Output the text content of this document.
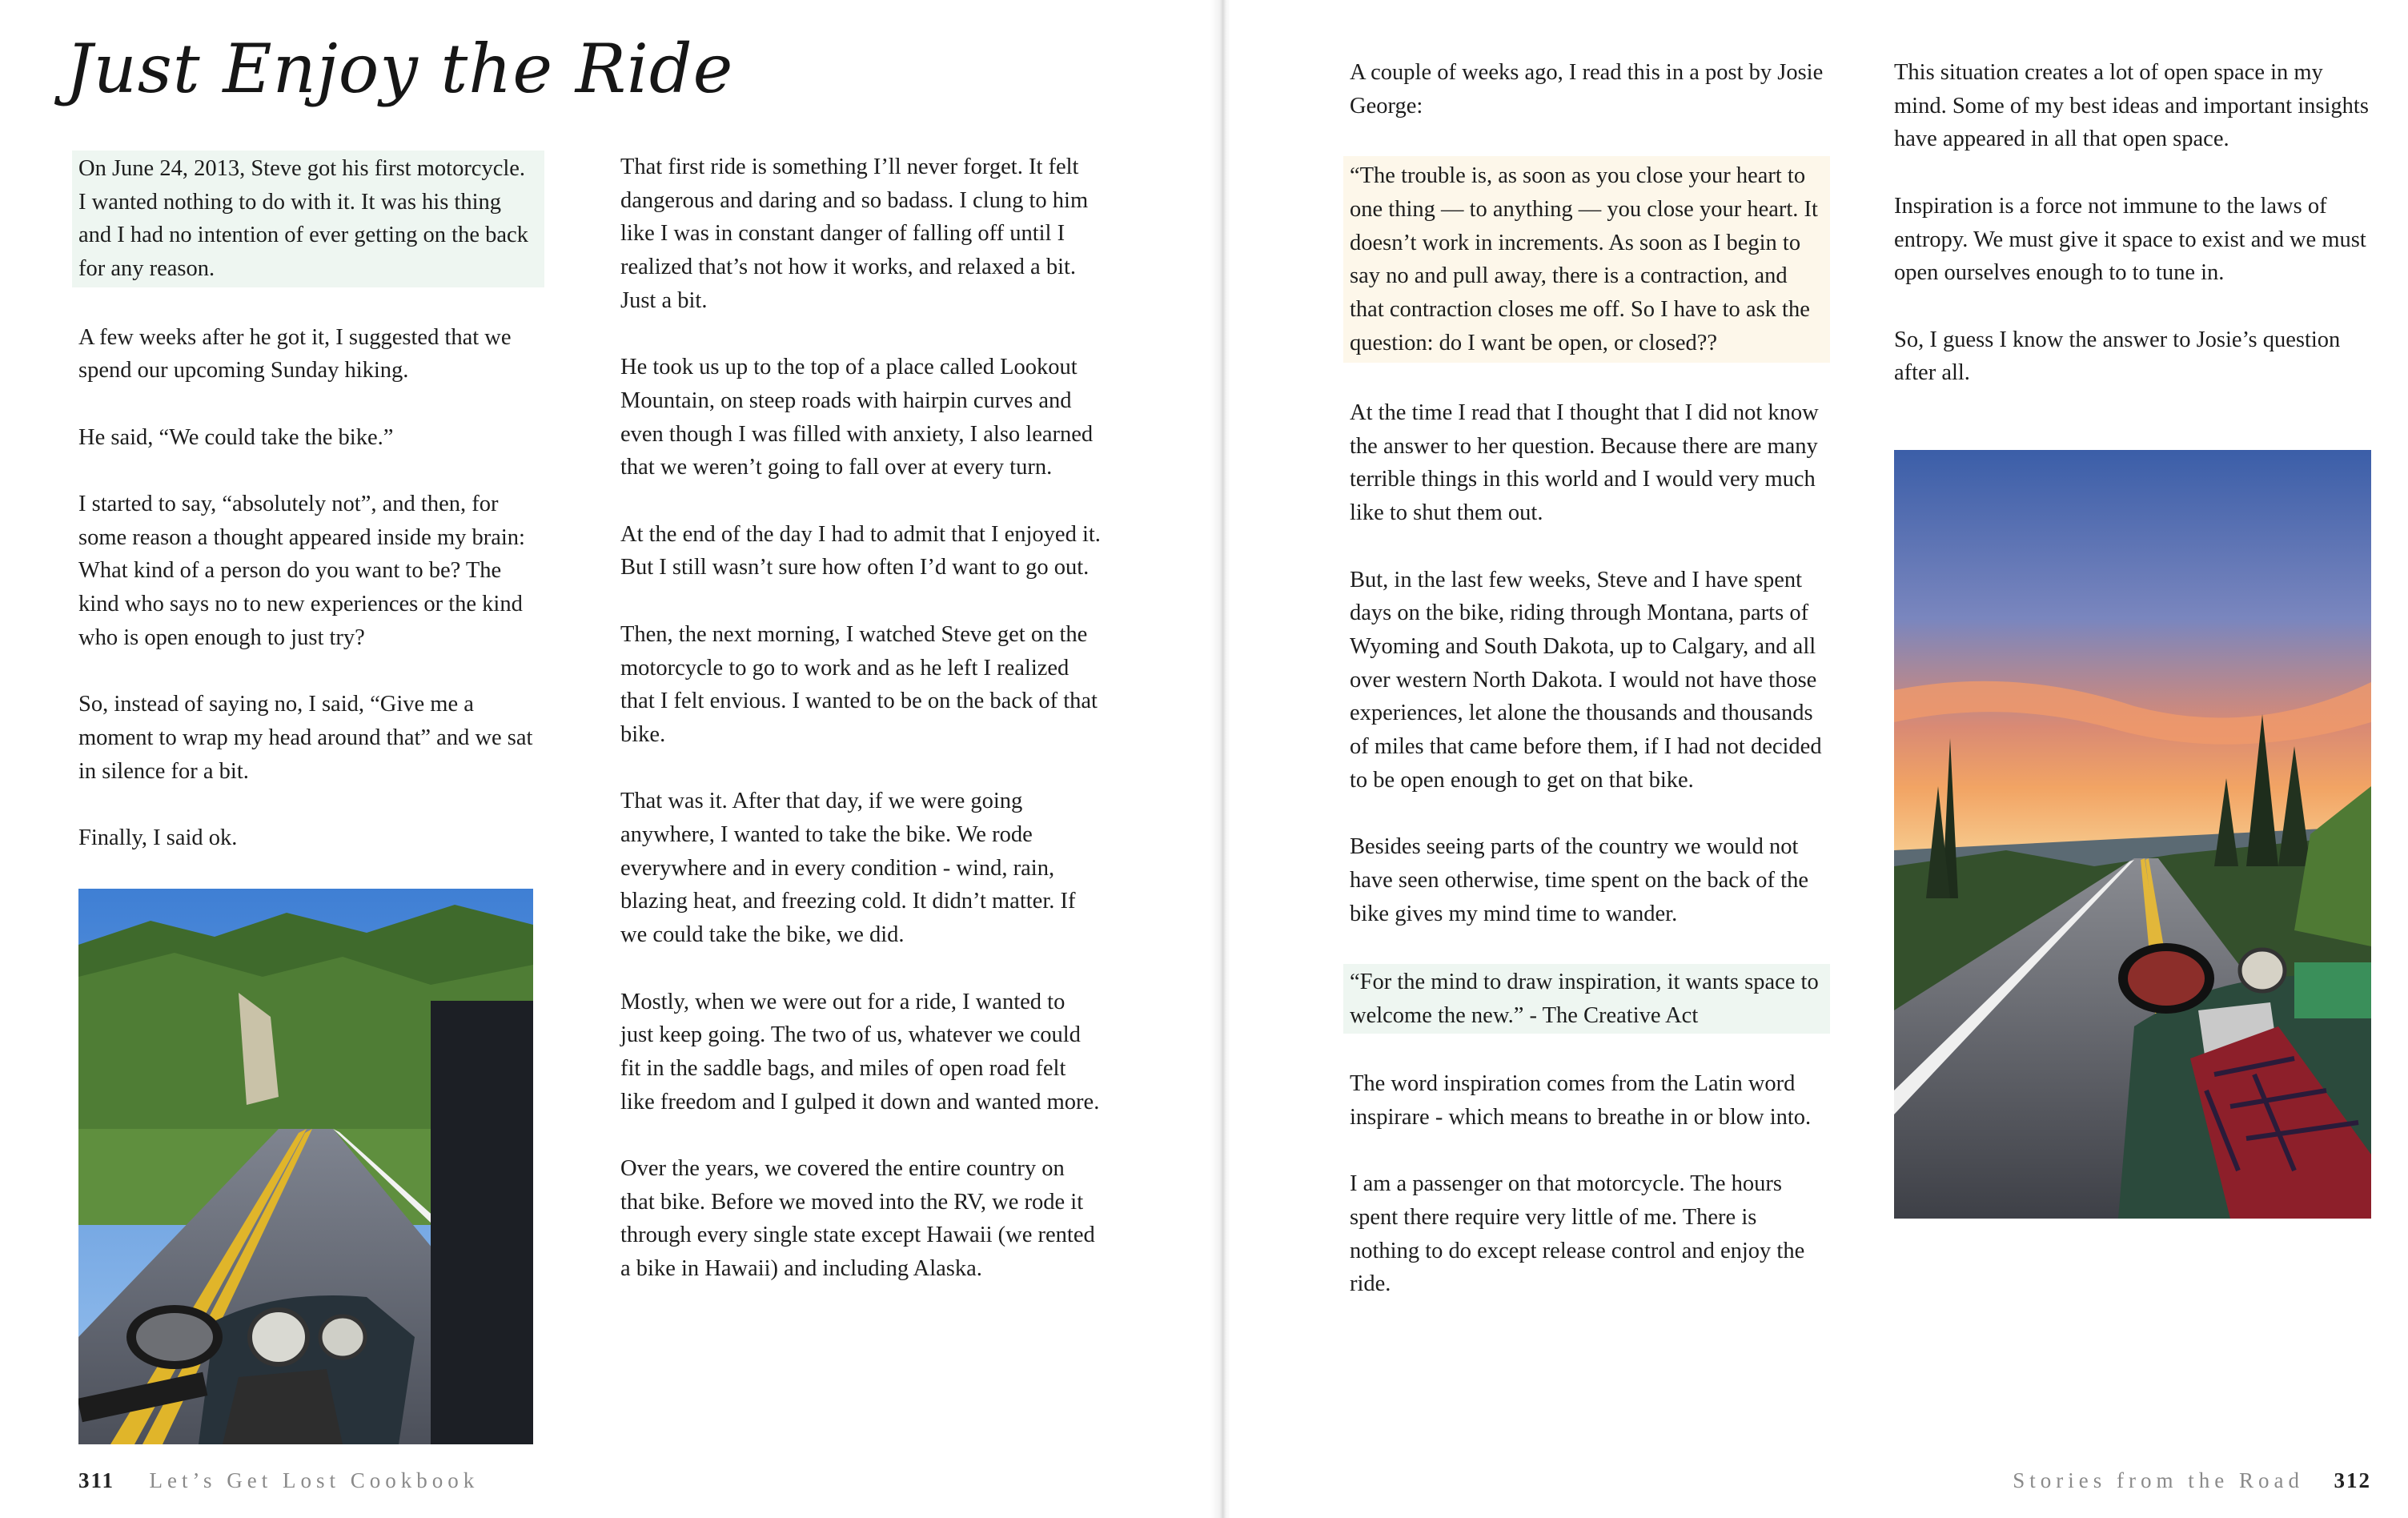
Just Enjoy the Ride

On June 24, 2013, Steve got his first motorcycle. I wanted nothing to do with it. It was his thing and I had no intention of ever getting on the back for any reason.

A few weeks after he got it, I suggested that we spend our upcoming Sunday hiking.

He said, “We could take the bike.”

I started to say, “absolutely not”, and then, for some reason a thought appeared inside my brain: What kind of a person do you want to be? The kind who says no to new experiences or the kind who is open enough to just try?

So, instead of saying no, I said, “Give me a moment to wrap my head around that” and we sat in silence for a bit.

Finally, I said ok.

That first ride is something I’ll never forget. It felt dangerous and daring and so badass. I clung to him like I was in constant danger of falling off until I realized that’s not how it works, and relaxed a bit. Just a bit.

He took us up to the top of a place called Lookout Mountain, on steep roads with hairpin curves and even though I was filled with anxiety, I also learned that we weren’t going to fall over at every turn.

At the end of the day I had to admit that I enjoyed it. But I still wasn’t sure how often I’d want to go out.

Then, the next morning, I watched Steve get on the motorcycle to go to work and as he left I realized that I felt envious. I wanted to be on the back of that bike.

That was it. After that day, if we were going anywhere, I wanted to take the bike. We rode everywhere and in every condition - wind, rain, blazing heat, and freezing cold. It didn’t matter. If we could take the bike, we did.

Mostly, when we were out for a ride, I wanted to just keep going. The two of us, whatever we could fit in the saddle bags, and miles of open road felt like freedom and I gulped it down and wanted more.

Over the years, we covered the entire country on that bike. Before we moved into the RV, we rode it through every single state except Hawaii (we rented a bike in Hawaii) and including Alaska.

311 Let’s Get Lost Cookbook

A couple of weeks ago, I read this in a post by Josie George:

“The trouble is, as soon as you close your heart to one thing — to anything — you close your heart. It doesn’t work in increments. As soon as I begin to say no and pull away, there is a contraction, and that contraction closes me off. So I have to ask the question: do I want be open, or closed??

At the time I read that I thought that I did not know the answer to her question. Because there are many terrible things in this world and I would very much like to shut them out.

But, in the last few weeks, Steve and I have spent days on the bike, riding through Montana, parts of Wyoming and South Dakota, up to Calgary, and all over western North Dakota. I would not have those experiences, let alone the thousands and thousands of miles that came before them, if I had not decided to be open enough to get on that bike.

Besides seeing parts of the country we would not have seen otherwise, time spent on the back of the bike gives my mind time to wander.

“For the mind to draw inspiration, it wants space to welcome the new.” - The Creative Act

The word inspiration comes from the Latin word inspirare - which means to breathe in or blow into.

I am a passenger on that motorcycle. The hours spent there require very little of me. There is nothing to do except release control and enjoy the ride.

This situation creates a lot of open space in my mind. Some of my best ideas and important insights have appeared in all that open space.

Inspiration is a force not immune to the laws of entropy. We must give it space to exist and we must open ourselves enough to to tune in.

So, I guess I know the answer to Josie’s question after all.

Stories from the Road 312
